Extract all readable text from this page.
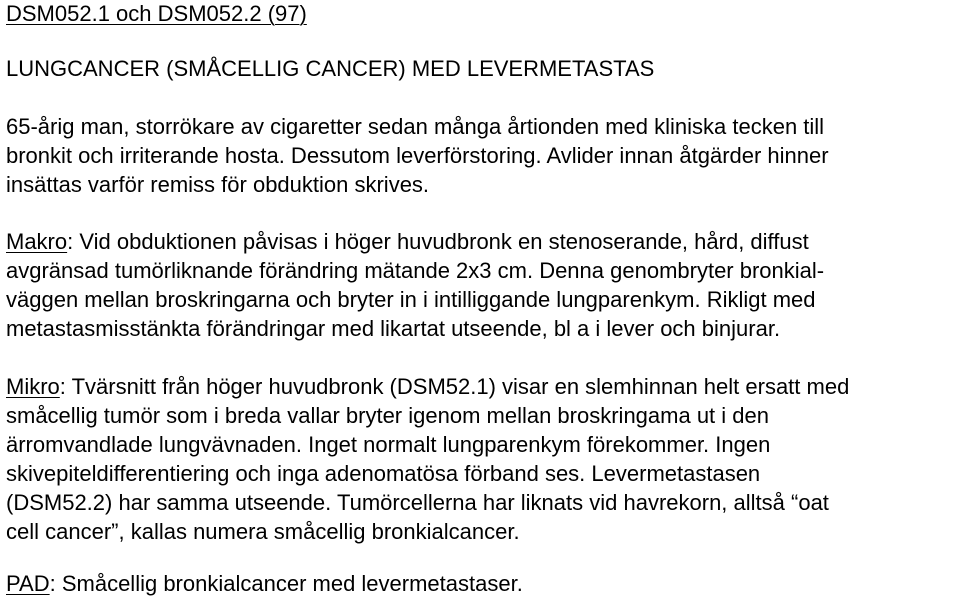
DSM052.1 och DSM052.2 (97)
LUNGCANCER (SMÅCELLIG CANCER) MED LEVERMETASTAS
65-årig man, storrökare av cigaretter sedan många årtionden med kliniska tecken till
bronkit och irriterande hosta. Dessutom leverförstoring. Avlider innan åtgärder hinner
insättas varför remiss för obduktion skrives.
Makro: Vid obduktionen påvisas i höger huvudbronk en stenoserande, hård, diffust
avgränsad tumörliknande förändring mätande 2x3 cm. Denna genombryter bronkial-
väggen mellan broskringarna och bryter in i intilliggande lungparenkym. Rikligt med
metastasmisstänkta förändringar med likartat utseende, bl a i lever och binjurar.
Mikro: Tvärsnitt från höger huvudbronk (DSM52.1) visar en slemhinnan helt ersatt med
småcellig tumör som i breda vallar bryter igenom mellan broskringama ut i den
ärromvandlade lungvävnaden. Inget normalt lungparenkym förekommer. Ingen
skivepiteldifferentiering och inga adenomatösa förband ses. Levermetastasen
(DSM52.2) har samma utseende. Tumörcellerna har liknats vid havrekorn, alltså “oat
cell cancer”, kallas numera småcellig bronkialcancer.
PAD: Småcellig bronkialcancer med levermetastaser.
